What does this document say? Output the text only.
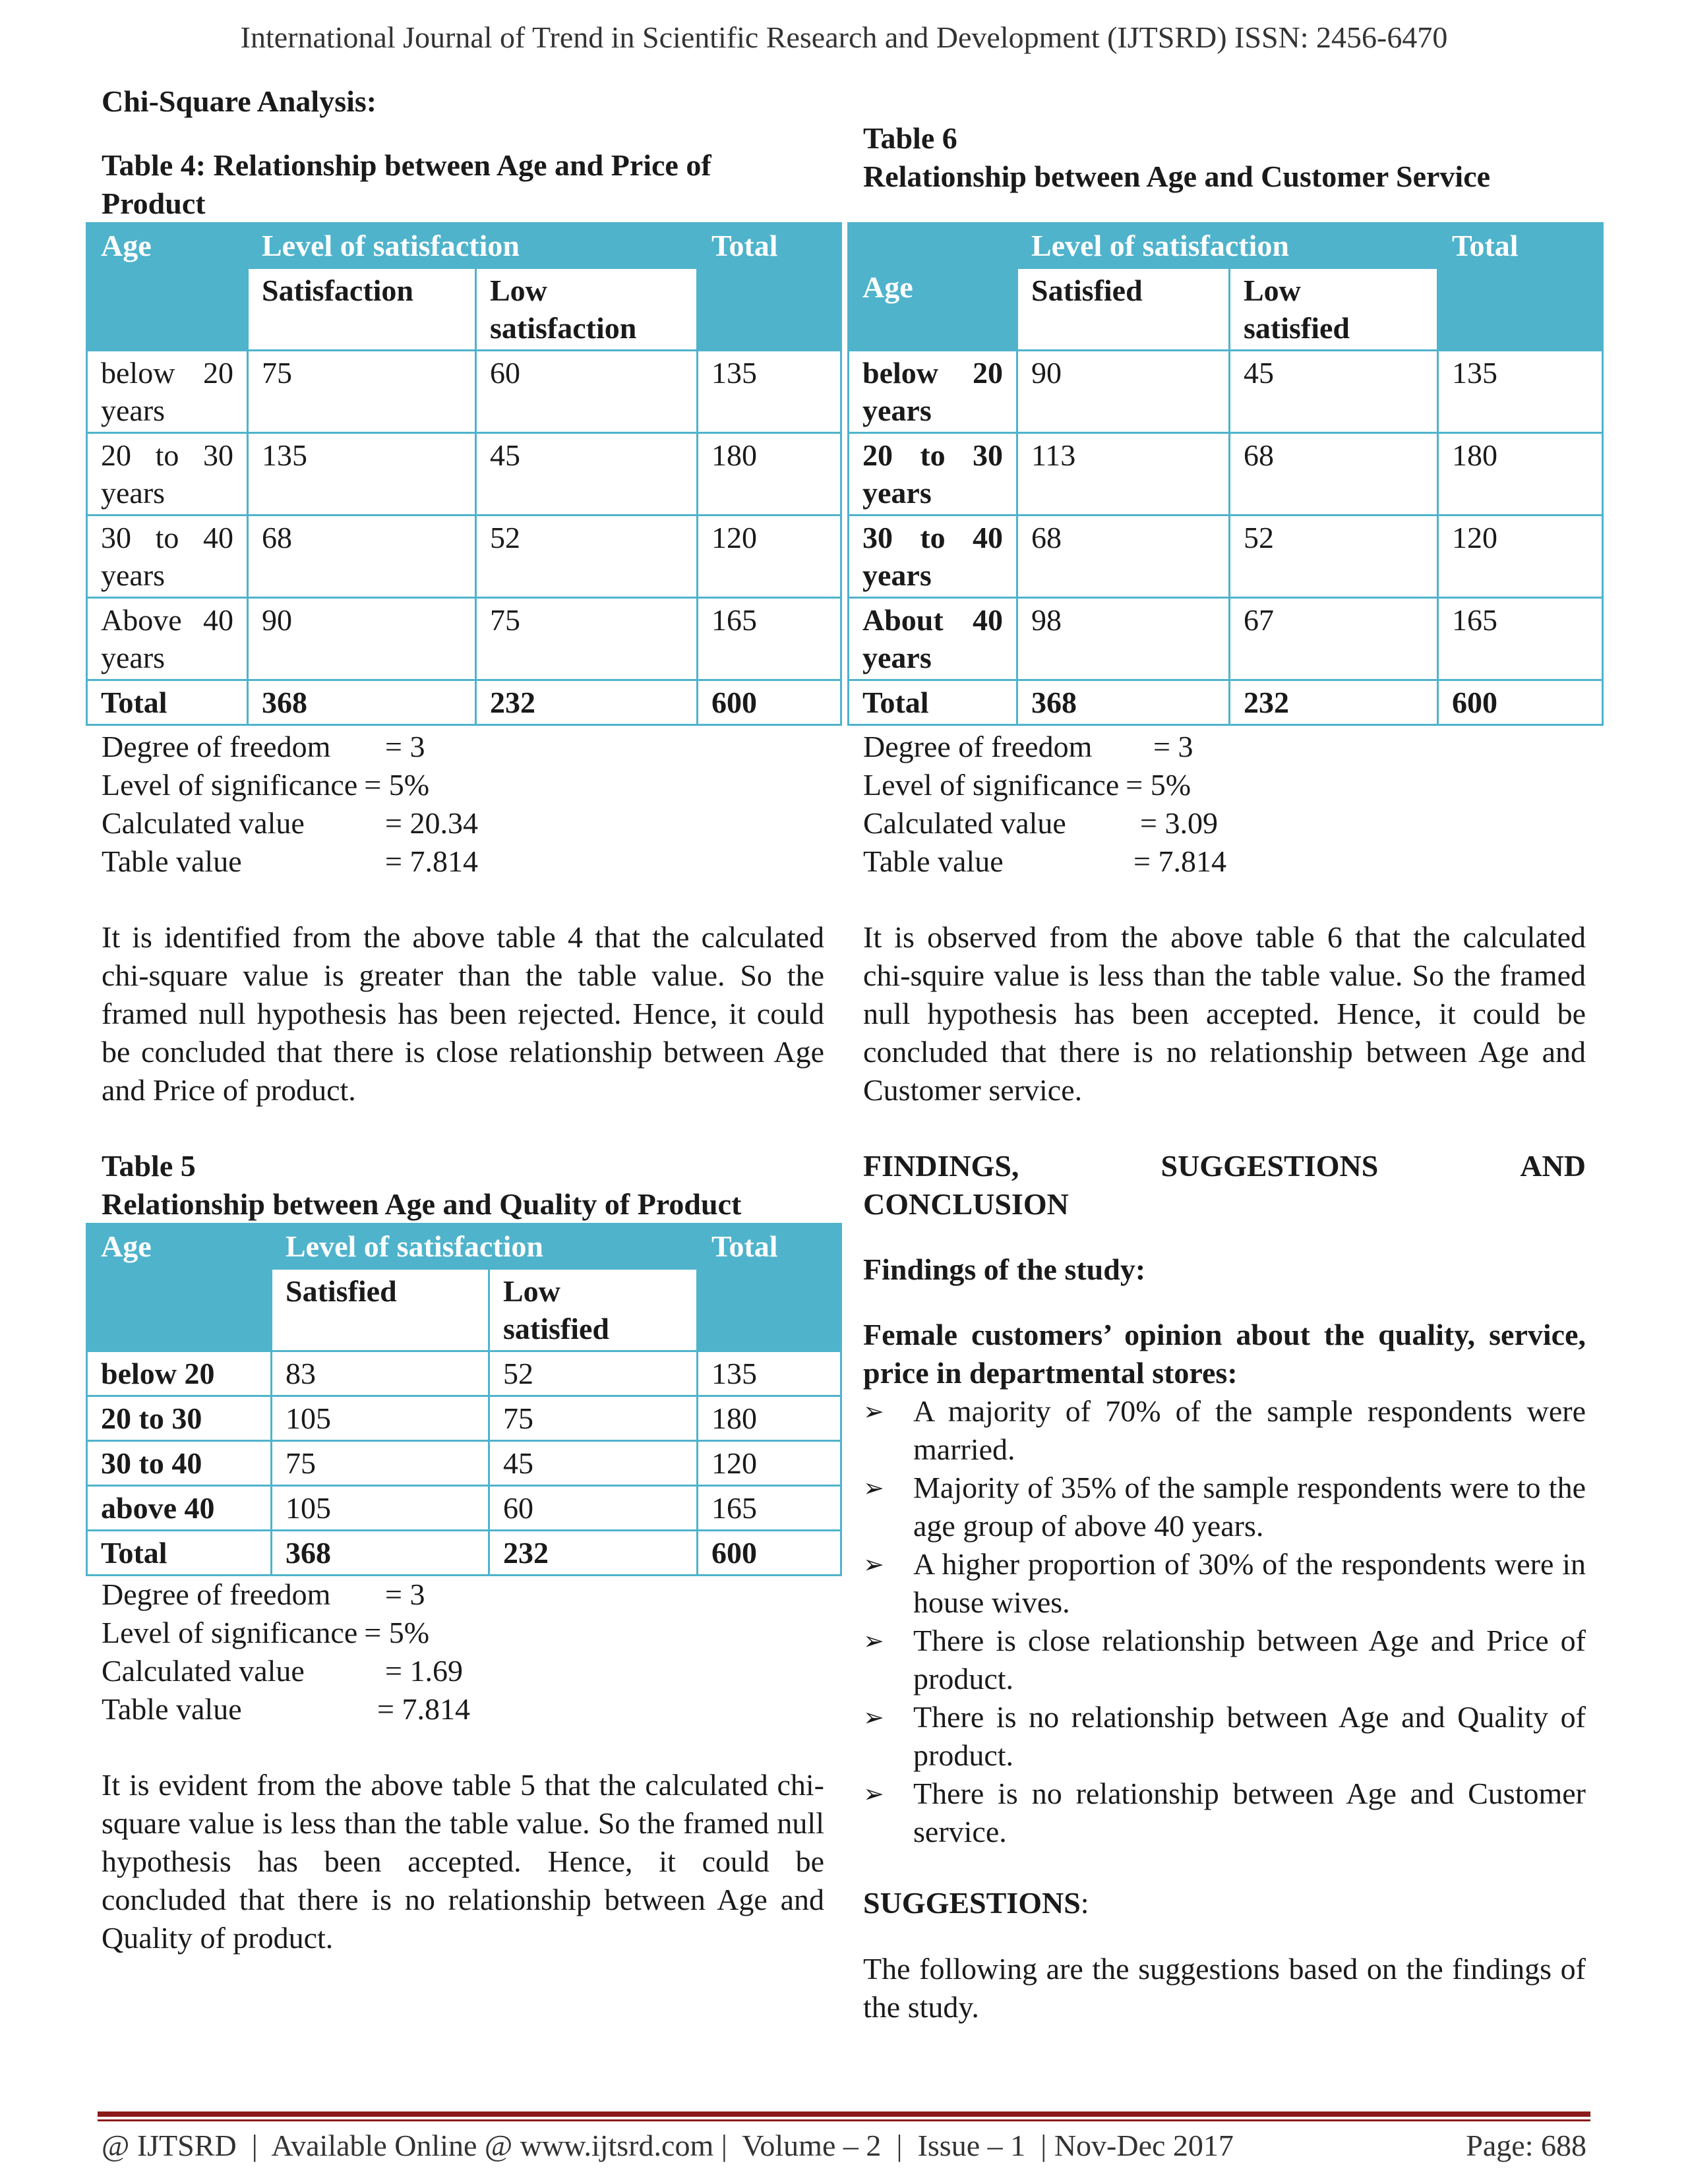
International Journal of Trend in Scientific Research and Development (IJTSRD) ISSN: 2456-6470
Chi-Square Analysis:
Table 4: Relationship between Age and Price of
Product
Age	Level of satisfaction		Total
	Satisfaction	Low
satisfaction	

below 20
years	75	60	135

20 to 30
years	135	45	180

30 to 40
years	68	52	120

Above 40
years	90	75	165
Total	368	232	600
Degree of freedom	= 3
Level of significance = 5%
Calculated value	= 20.34
Table value	= 7.814
It is identified from the above table 4 that the calculated chi-square value is greater than the table value. So the framed null hypothesis has been rejected. Hence, it could be concluded that there is close relationship between Age and Price of product.
Table 5
Relationship between Age and Quality of Product
Age	Level of satisfaction		Total
	Satisfied	Low
satisfied	

below 20	83	52	135
20 to 30	105	75	180
30 to 40	75	45	120
above 40	105	60	165
Total	368	232	600
Degree of freedom	= 3
Level of significance = 5%
Calculated value	= 1.69
Table value	= 7.814
It is evident from the above table 5 that the calculated chi-square value is less than the table value. So the framed null hypothesis has been accepted. Hence, it could be concluded that there is no relationship between Age and Quality of product.
Table 6
Relationship between Age and Customer Service
Age	Level of satisfaction		Total
	Satisfied	Low
satisfied	

below 20
years	90	45	135

20 to 30
years	113	68	180

30 to 40
years	68	52	120

About 40
years	98	67	165
Total	368	232	600
Degree of freedom	= 3
Level of significance = 5%
Calculated value	= 3.09
Table value	= 7.814
It is observed from the above table 6 that the calculated chi-squire value is less than the table value. So the framed null hypothesis has been accepted. Hence, it could be concluded that there is no relationship between Age and Customer service.
FINDINGS,	SUGGESTIONS	AND
CONCLUSION
Findings of the study:
Female customers’ opinion about the quality, service, price in departmental stores:
➢ A majority of 70% of the sample respondents were married.
➢ Majority of 35% of the sample respondents were to the age group of above 40 years.
➢ A higher proportion of 30% of the respondents were in house wives.
➢ There is close relationship between Age and Price of product.
➢ There is no relationship between Age and Quality of product.
➢ There is no relationship between Age and Customer service.
SUGGESTIONS:
The following are the suggestions based on the findings of the study.
@ IJTSRD  |  Available Online @ www.ijtsrd.com |  Volume – 2  |  Issue – 1  | Nov-Dec 2017	Page: 688
